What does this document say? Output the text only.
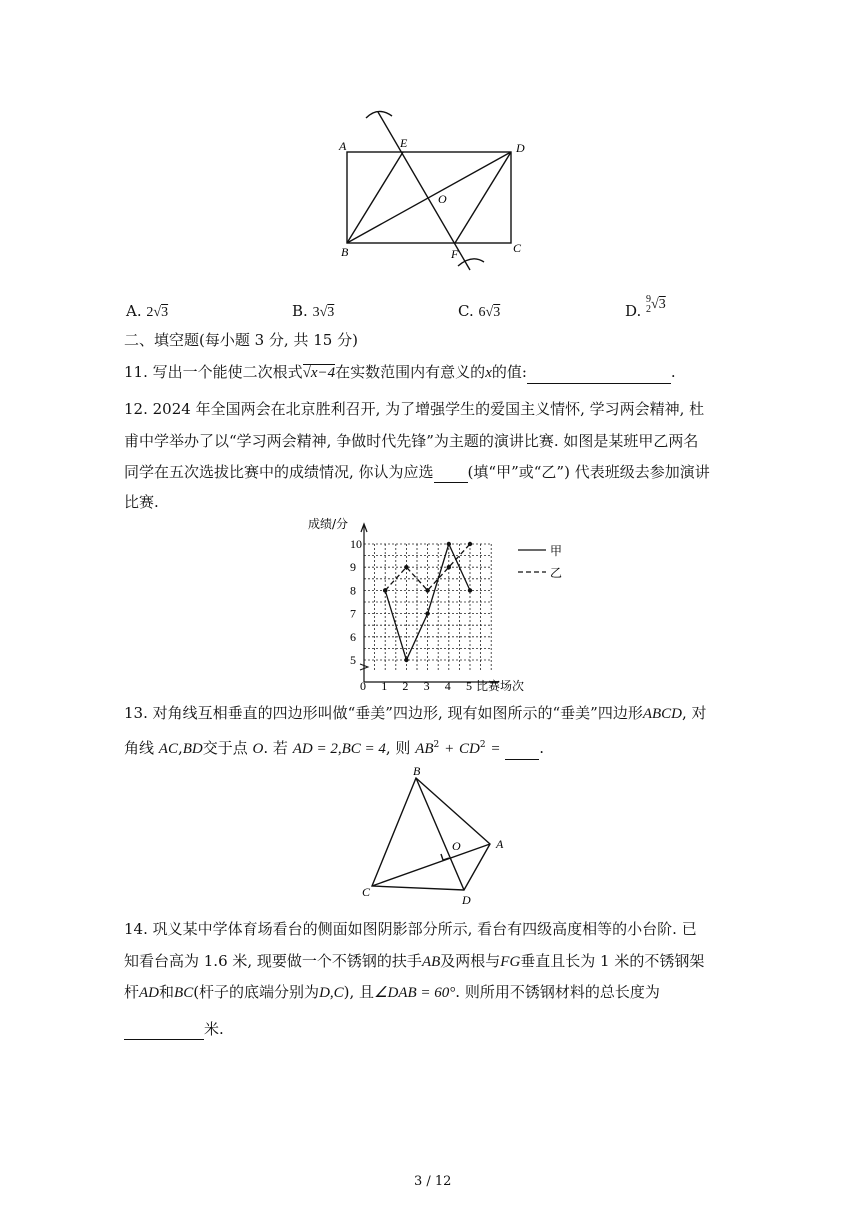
A	E	D
O
B	F	C
A. 2√3	B. 3√3	C. 6√3	D. 9
2√3
二、填空题(每小题 3 分, 共 15 分)
11. 写出一个能使二次根式√x−4在实数范围内有意义的x的值:	.
12. 2024 年全国两会在北京胜利召开, 为了增强学生的爱国主义情怀, 学习两会精神, 杜
甫中学举办了以“学习两会精神, 争做时代先锋”为主题的演讲比赛. 如图是某班甲乙两名
同学在五次选拔比赛中的成绩情况, 你认为应选 (填“甲”或“乙”) 代表班级去参加演讲
比赛.
5
6
7
8
9
10
0 1 2 3 4 5
成绩/分
比赛场次
甲
乙
13. 对角线互相垂直的四边形叫做“垂美”四边形, 现有如图所示的“垂美”四边形ABCD, 对
角线 AC,BD交于点 O. 若 AD = 2,BC = 4, 则 $AB^2 + CD^2$ =	.
B
O	A
C
D
14. 巩义某中学体育场看台的侧面如图阴影部分所示, 看台有四级高度相等的小台阶. 已
知看台高为 1.6 米, 现要做一个不锈钢的扶手AB及两根与FG垂直且长为 1 米的不锈钢架
杆AD和BC(杆子的底端分别为D,C), 且∠DAB = 60°. 则所用不锈钢材料的总长度为
米.
3 / 12
